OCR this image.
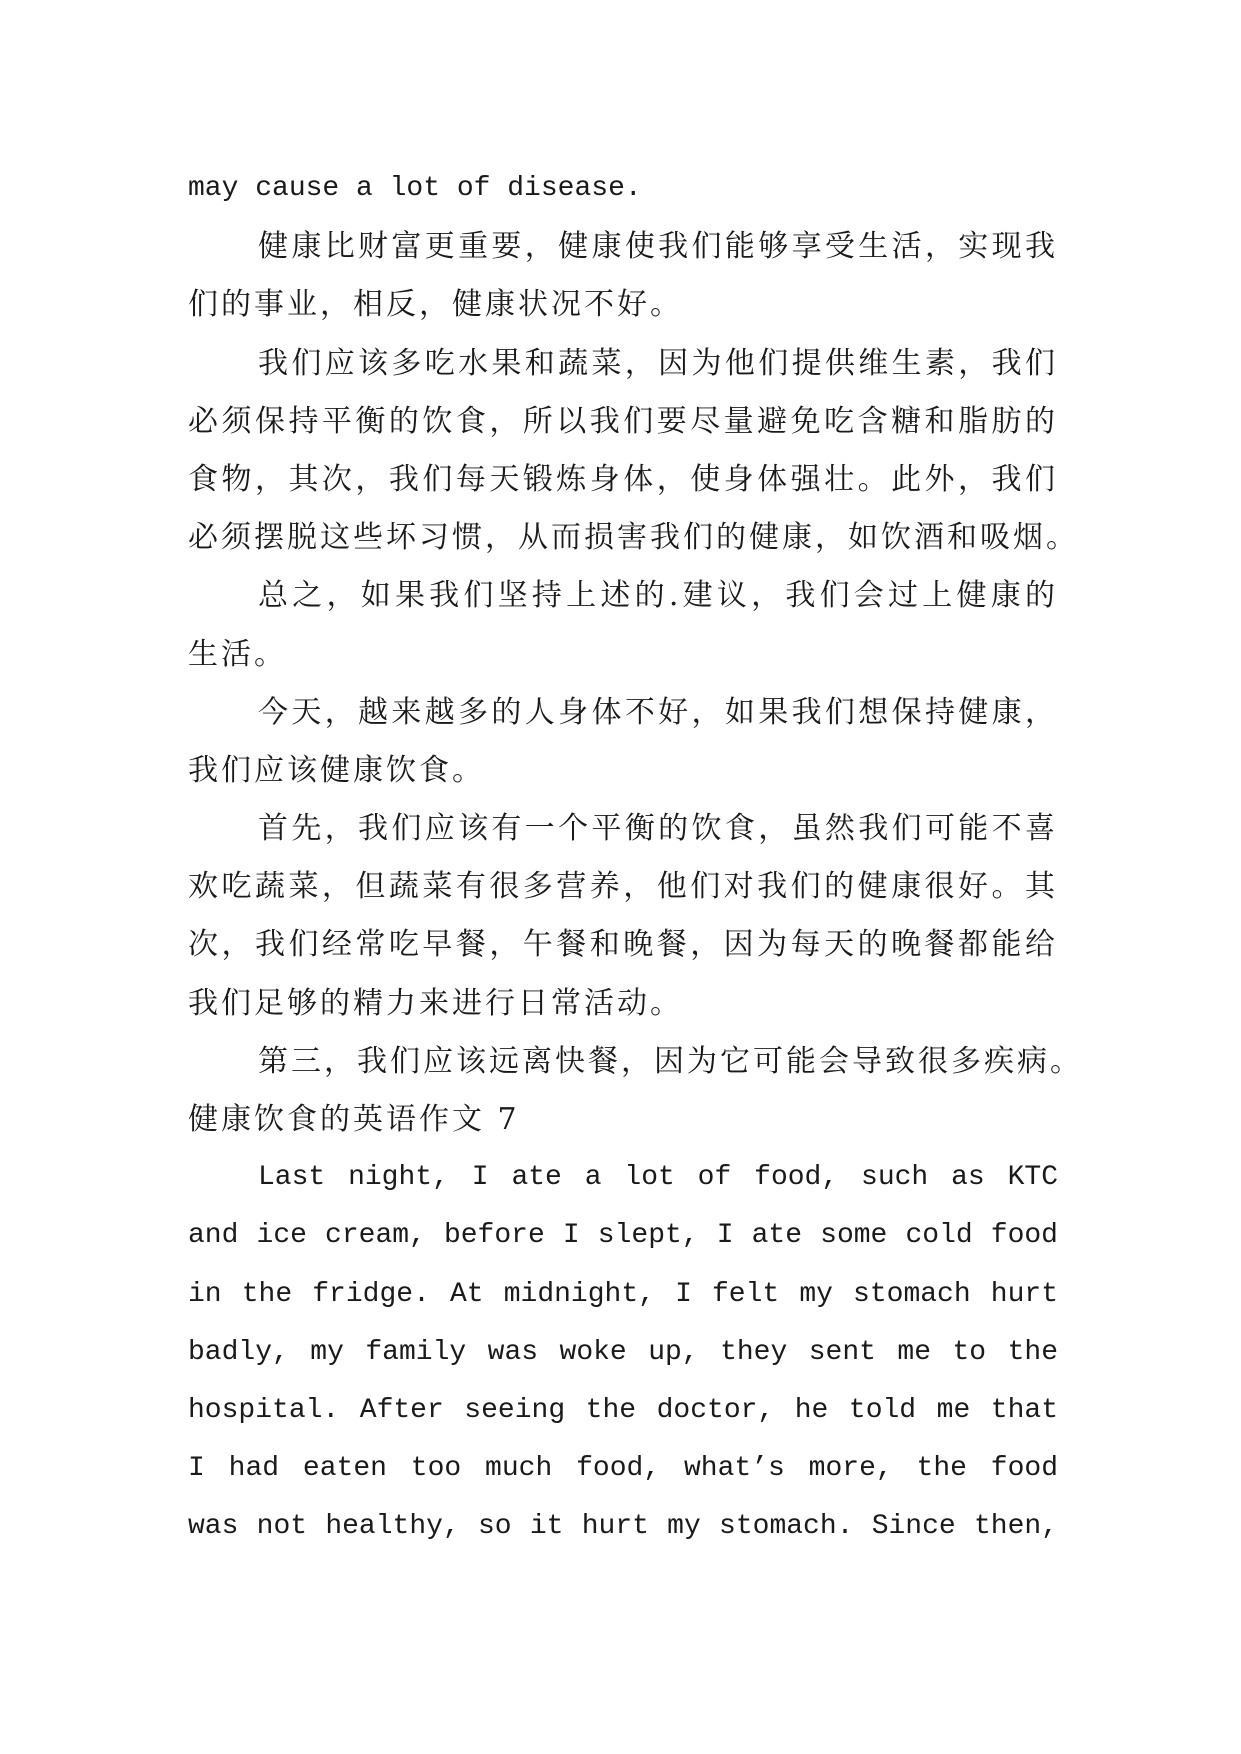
may cause a lot of disease.
健康比财富更重要，健康使我们能够享受生活，实现我
们的事业，相反，健康状况不好。
我们应该多吃水果和蔬菜，因为他们提供维生素，我们
必须保持平衡的饮食，所以我们要尽量避免吃含糖和脂肪的
食物，其次，我们每天锻炼身体，使身体强壮。此外，我们
必须摆脱这些坏习惯，从而损害我们的健康，如饮酒和吸烟。
总之，如果我们坚持上述的.建议，我们会过上健康的
生活。
今天，越来越多的人身体不好，如果我们想保持健康，
我们应该健康饮食。
首先，我们应该有一个平衡的饮食，虽然我们可能不喜
欢吃蔬菜，但蔬菜有很多营养，他们对我们的健康很好。其
次，我们经常吃早餐，午餐和晚餐，因为每天的晚餐都能给
我们足够的精力来进行日常活动。
第三，我们应该远离快餐，因为它可能会导致很多疾病。
健康饮食的英语作文 7
Last night, I ate a lot of food, such as KTC
and ice cream, before I slept, I ate some cold food
in the fridge. At midnight, I felt my stomach hurt
badly, my family was woke up, they sent me to the
hospital. After seeing the doctor, he told me that
I had eaten too much food, what’s more, the food
was not healthy, so it hurt my stomach. Since then,
